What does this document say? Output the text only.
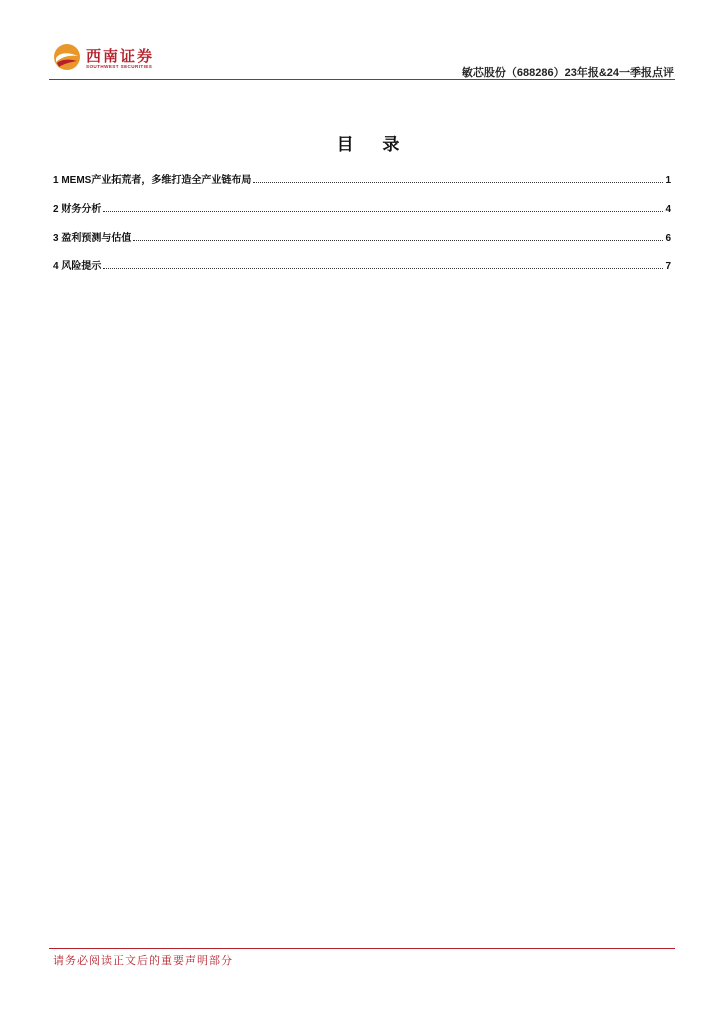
西南证券
SOUTHWEST SECURITIES
敏芯股份（688286）23年报&24一季报点评
目 录
1 MEMS产业拓荒者，多维打造全产业链布局	1
2 财务分析	4
3 盈利预测与估值	6
4 风险提示	7
请务必阅读正文后的重要声明部分
